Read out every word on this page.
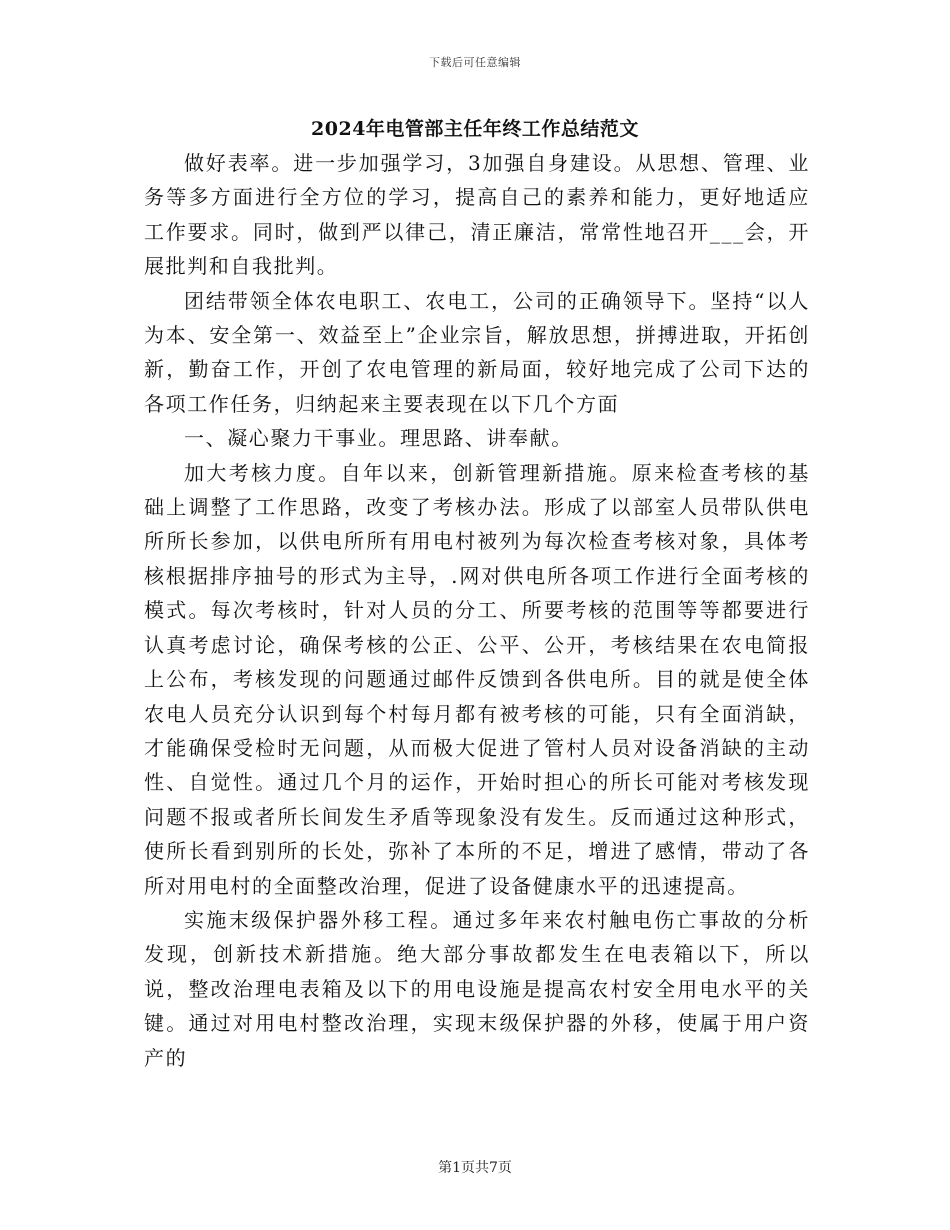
下载后可任意编辑
2024年电管部主任年终工作总结范文

做好表率。进一步加强学习，3加强自身建设。从思想、管理、业务等多方面进行全方位的学习，提高自己的素养和能力，更好地适应工作要求。同时，做到严以律己，清正廉洁，常常性地召开___会，开展批判和自我批判。

团结带领全体农电职工、农电工，公司的正确领导下。坚持“以人为本、安全第一、效益至上”企业宗旨，解放思想，拼搏进取，开拓创新，勤奋工作，开创了农电管理的新局面，较好地完成了公司下达的各项工作任务，归纳起来主要表现在以下几个方面

一、凝心聚力干事业。理思路、讲奉献。

加大考核力度。自年以来，创新管理新措施。原来检查考核的基础上调整了工作思路，改变了考核办法。形成了以部室人员带队供电所所长参加，以供电所所有用电村被列为每次检查考核对象，具体考核根据排序抽号的形式为主导，.网对供电所各项工作进行全面考核的模式。每次考核时，针对人员的分工、所要考核的范围等等都要进行认真考虑讨论，确保考核的公正、公平、公开，考核结果在农电简报上公布，考核发现的问题通过邮件反馈到各供电所。目的就是使全体农电人员充分认识到每个村每月都有被考核的可能，只有全面消缺，才能确保受检时无问题，从而极大促进了管村人员对设备消缺的主动性、自觉性。通过几个月的运作，开始时担心的所长可能对考核发现问题不报或者所长间发生矛盾等现象没有发生。反而通过这种形式，使所长看到别所的长处，弥补了本所的不足，增进了感情，带动了各所对用电村的全面整改治理，促进了设备健康水平的迅速提高。

实施末级保护器外移工程。通过多年来农村触电伤亡事故的分析发现，创新技术新措施。绝大部分事故都发生在电表箱以下，所以说，整改治理电表箱及以下的用电设施是提高农村安全用电水平的关键。通过对用电村整改治理，实现末级保护器的外移，使属于用户资产的

第1页共7页
